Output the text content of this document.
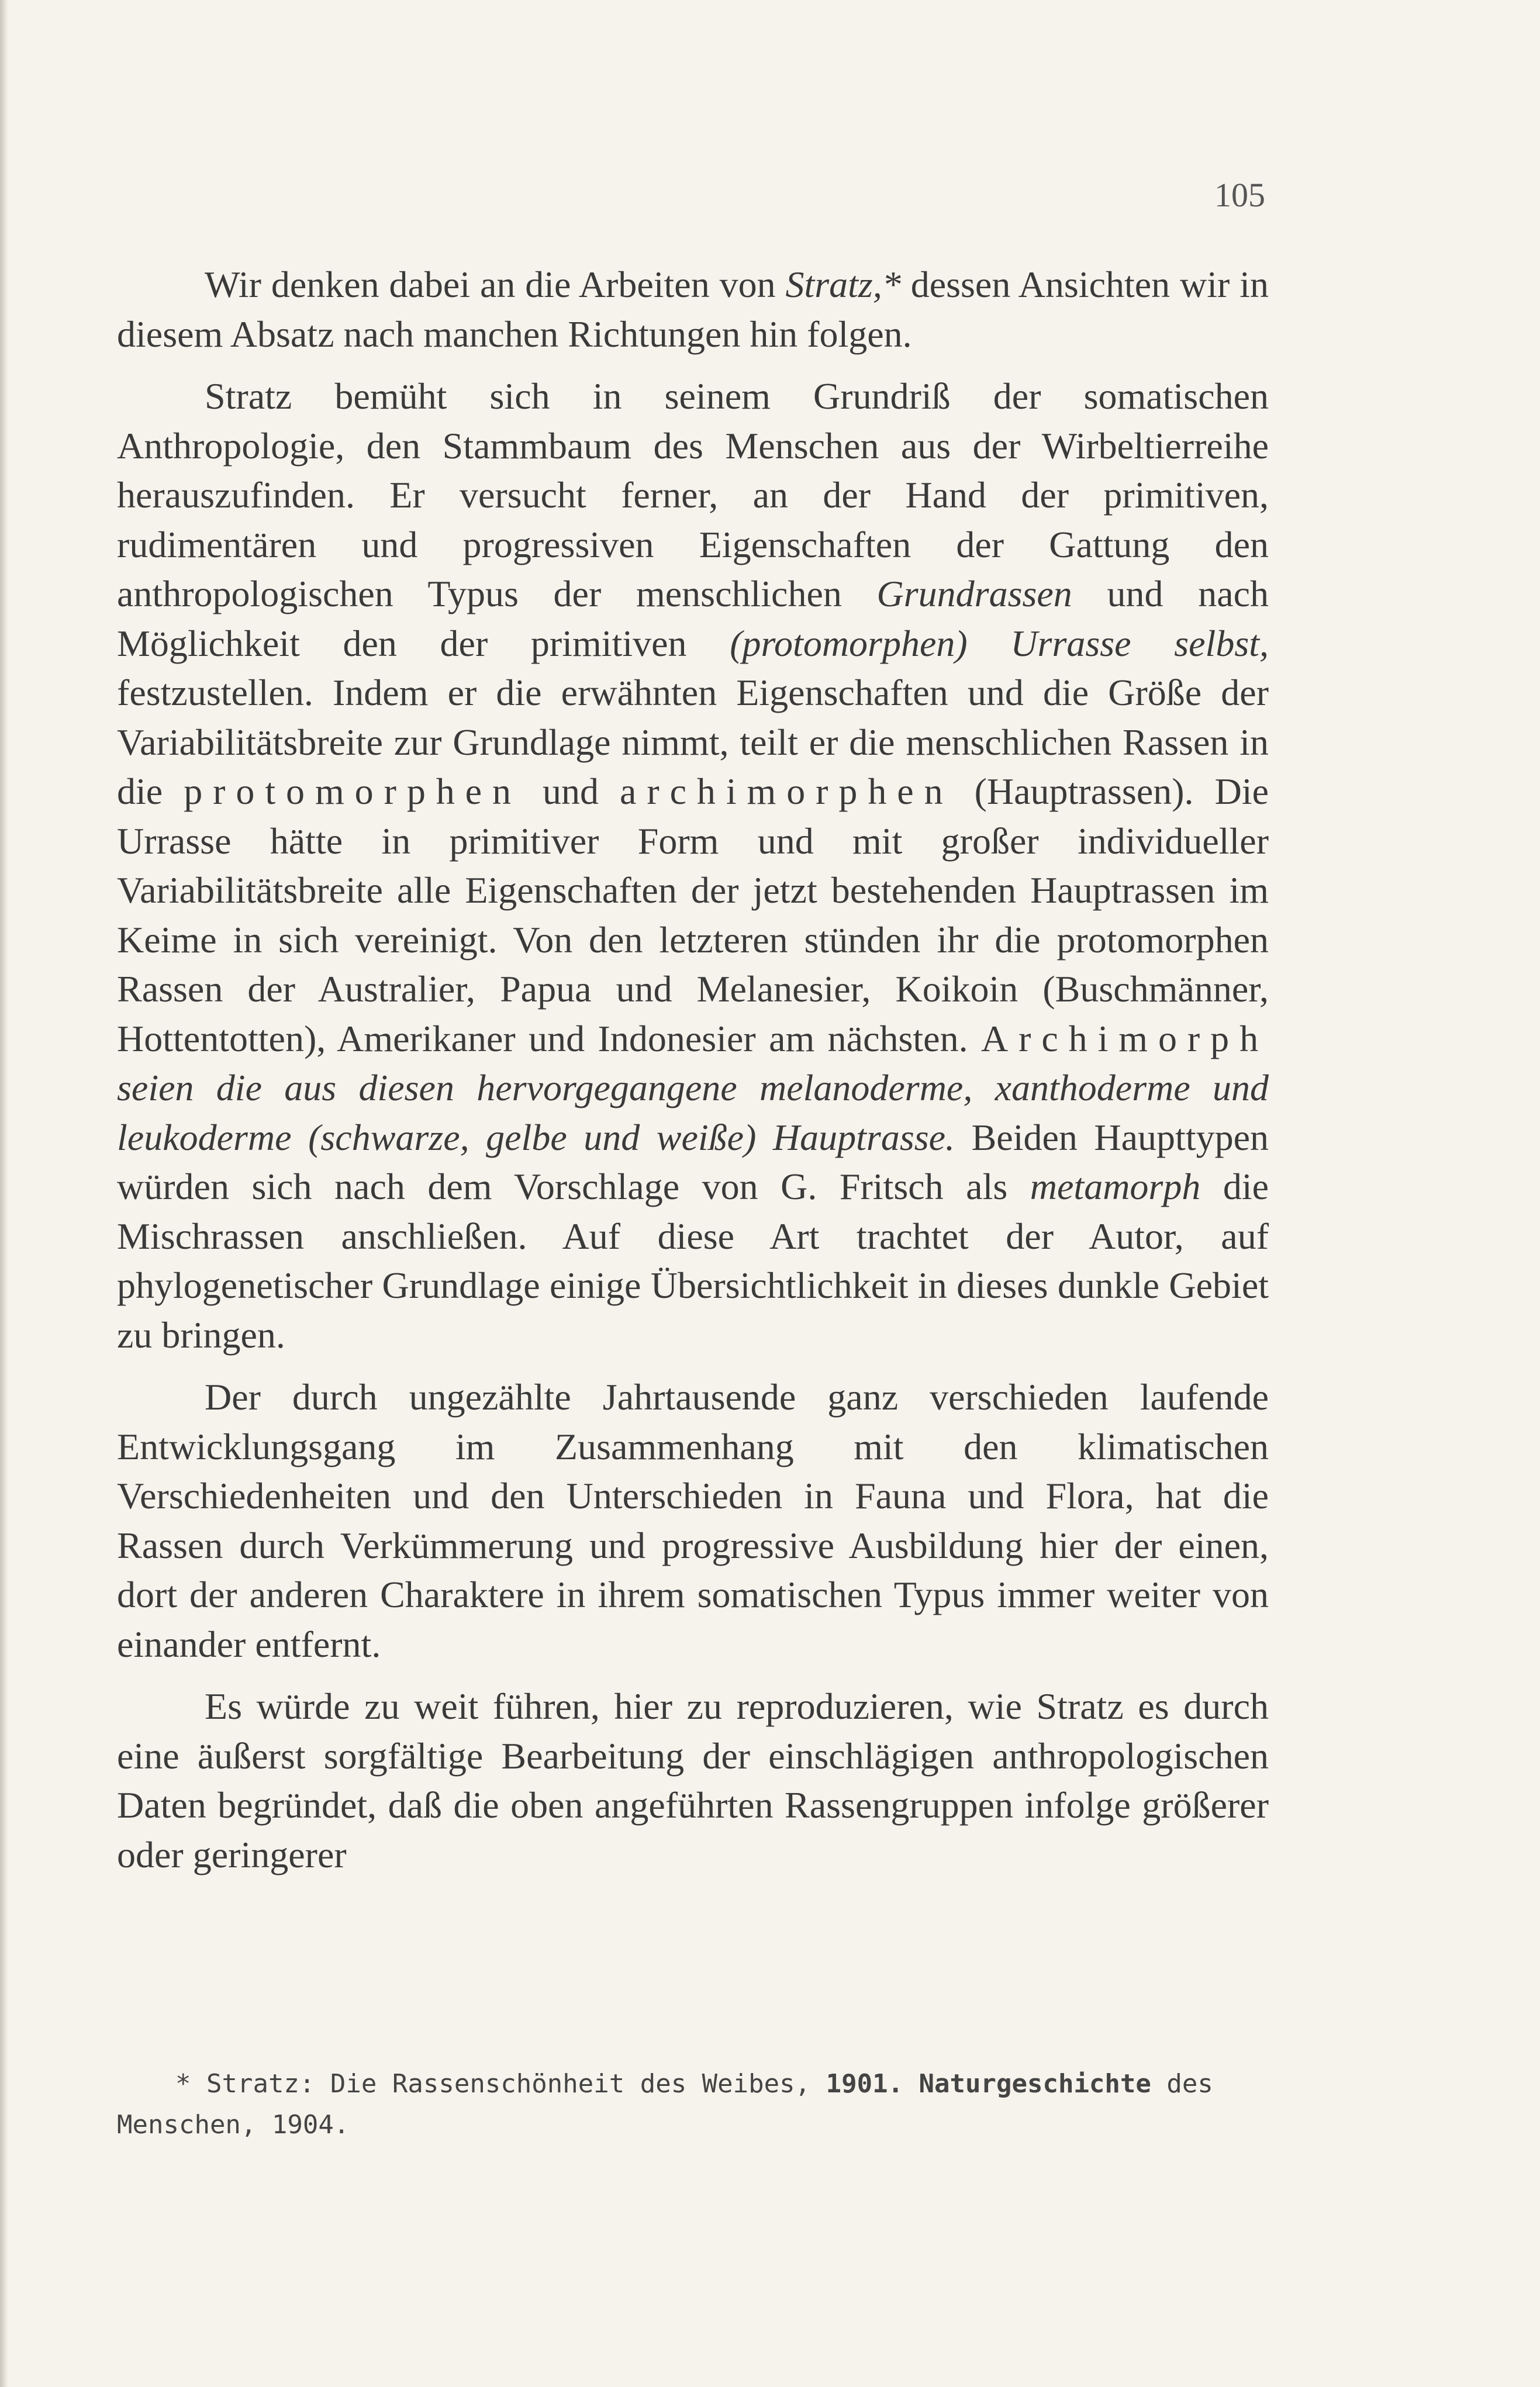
105

Wir denken dabei an die Arbeiten von Stratz,* dessen Ansichten wir in diesem Absatz nach manchen Richtungen hin folgen.

Stratz bemüht sich in seinem Grundriß der somatischen Anthropologie, den Stammbaum des Menschen aus der Wirbeltierreihe herauszufinden. Er versucht ferner, an der Hand der primitiven, rudimentären und progressiven Eigenschaften der Gattung den anthropologischen Typus der menschlichen Grundrassen und nach Möglichkeit den der primitiven (protomorphen) Urrasse selbst, festzustellen. Indem er die erwähnten Eigenschaften und die Größe der Variabilitätsbreite zur Grundlage nimmt, teilt er die menschlichen Rassen in die protomorphen und archimorphen (Hauptrassen). Die Urrasse hätte in primitiver Form und mit großer individueller Variabilitätsbreite alle Eigenschaften der jetzt bestehenden Hauptrassen im Keime in sich vereinigt. Von den letzteren stünden ihr die protomorphen Rassen der Australier, Papua und Melanesier, Koikoin (Buschmänner, Hottentotten), Amerikaner und Indonesier am nächsten. Archimorph seien die aus diesen hervorgegangene melanoderme, xanthoderme und leukoderme (schwarze, gelbe und weiße) Hauptrasse. Beiden Haupttypen würden sich nach dem Vorschlage von G. Fritsch als metamorph die Mischrassen anschließen. Auf diese Art trachtet der Autor, auf phylogenetischer Grundlage einige Übersichtlichkeit in dieses dunkle Gebiet zu bringen.

Der durch ungezählte Jahrtausende ganz verschieden laufende Entwicklungsgang im Zusammenhang mit den klimatischen Verschiedenheiten und den Unterschieden in Fauna und Flora, hat die Rassen durch Verkümmerung und progressive Ausbildung hier der einen, dort der anderen Charaktere in ihrem somatischen Typus immer weiter von einander entfernt.

Es würde zu weit führen, hier zu reproduzieren, wie Stratz es durch eine äußerst sorgfältige Bearbeitung der einschlägigen anthropologischen Daten begründet, daß die oben angeführten Rassengruppen infolge größerer oder geringerer

* Stratz: Die Rassenschönheit des Weibes, 1901. Naturgeschichte des Menschen, 1904.
